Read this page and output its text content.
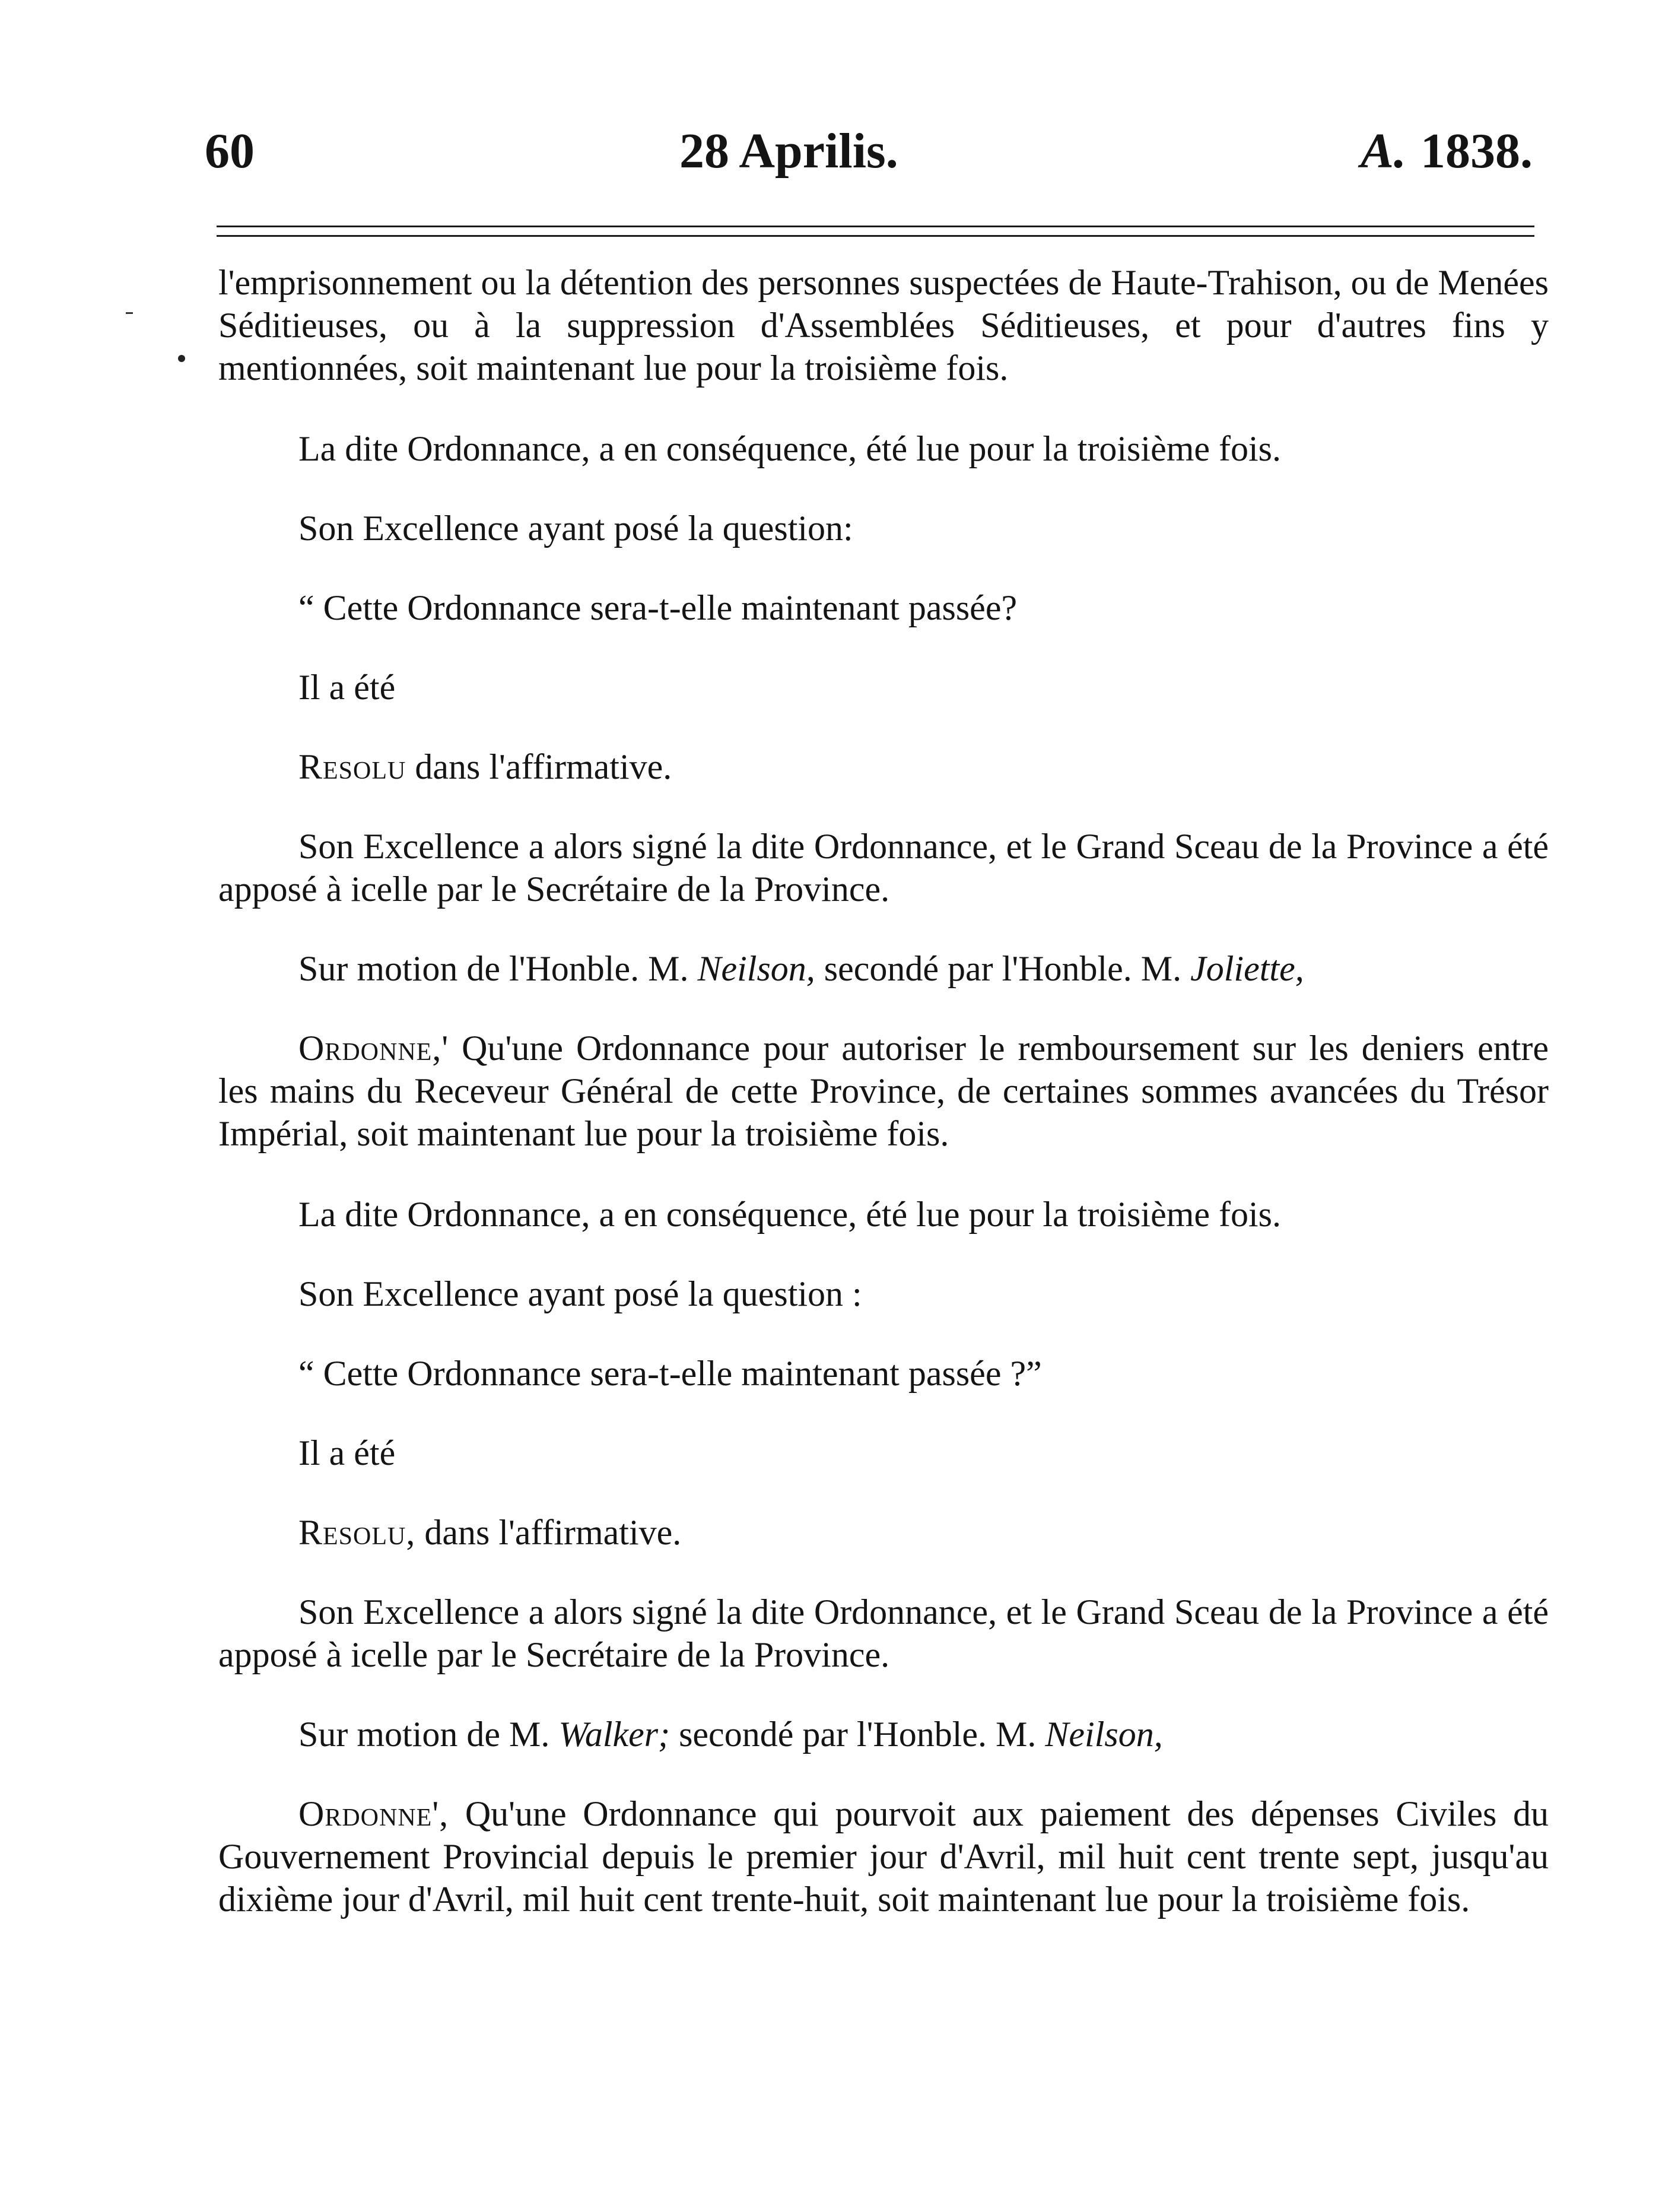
60	28 Aprilis.	A. 1838.

l'emprisonnement ou la détention des personnes suspectées de Haute-Trahison, ou de Menées Séditieuses, ou à la suppression d'Assemblées Séditieuses, et pour d'autres fins y mentionnées, soit maintenant lue pour la troisième fois.

La dite Ordonnance, a en conséquence, été lue pour la troisième fois.

Son Excellence ayant posé la question:

“ Cette Ordonnance sera-t-elle maintenant passée?

Il a été

Resolu dans l'affirmative.

Son Excellence a alors signé la dite Ordonnance, et le Grand Sceau de la Province a été apposé à icelle par le Secrétaire de la Province.

Sur motion de l'Honble. M. Neilson, secondé par l'Honble. M. Joliette,

Ordonne,' Qu'une Ordonnance pour autoriser le remboursement sur les deniers entre les mains du Receveur Général de cette Province, de certaines sommes avancées du Trésor Impérial, soit maintenant lue pour la troisième fois.

La dite Ordonnance, a en conséquence, été lue pour la troisième fois.

Son Excellence ayant posé la question :

“ Cette Ordonnance sera-t-elle maintenant passée ?”

Il a été

Resolu, dans l'affirmative.

Son Excellence a alors signé la dite Ordonnance, et le Grand Sceau de la Province a été apposé à icelle par le Secrétaire de la Province.

Sur motion de M. Walker; secondé par l'Honble. M. Neilson,

Ordonne', Qu'une Ordonnance qui pourvoit aux paiement des dépenses Civiles du Gouvernement Provincial depuis le premier jour d'Avril, mil huit cent trente sept, jusqu'au dixième jour d'Avril, mil huit cent trente-huit, soit maintenant lue pour la troisième fois.
